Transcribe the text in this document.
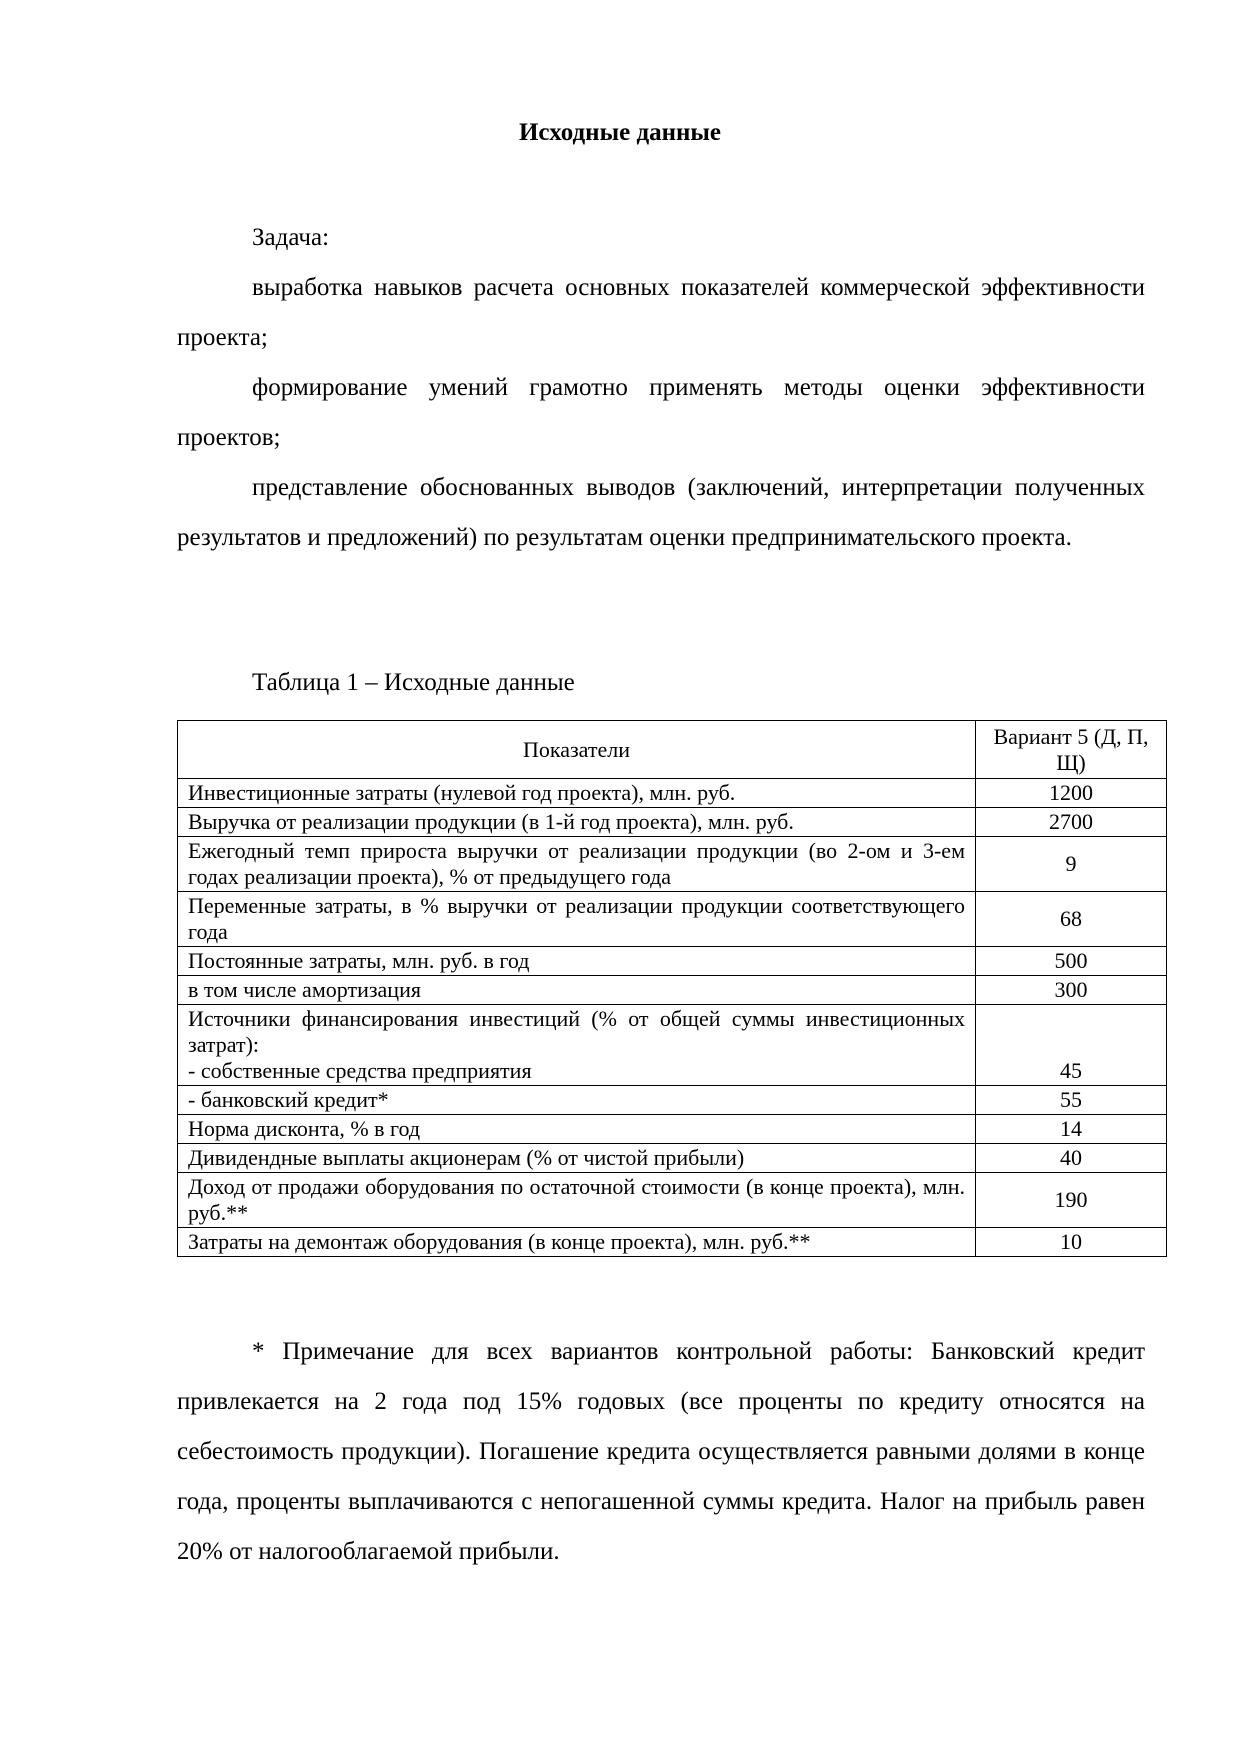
Исходные данные

Задача:

выработка навыков расчета основных показателей коммерческой эффективности проекта;

формирование умений грамотно применять методы оценки эффективности проектов;

представление обоснованных выводов (заключений, интерпретации полученных результатов и предложений) по результатам оценки предпринимательского проекта.

Таблица 1 – Исходные данные
Показатели	Вариант 5 (Д, П, Щ)
Инвестиционные затраты (нулевой год проекта), млн. руб.	1200
Выручка от реализации продукции (в 1-й год проекта), млн. руб.	2700
Ежегодный темп прироста выручки от реализации продукции (во 2-ом и 3-ем годах реализации проекта), % от предыдущего года	9
Переменные затраты, в % выручки от реализации продукции соответствующего года	68
Постоянные затраты, млн. руб. в год	500
в том числе амортизация	300

Источники финансирования инвестиций (% от общей суммы инвестиционных затрат):
- собственные средства предприятия	45
- банковский кредит*	55
Норма дисконта, % в год	14
Дивидендные выплаты акционерам (% от чистой прибыли)	40
Доход от продажи оборудования по остаточной стоимости (в конце проекта), млн. руб.**	190
Затраты на демонтаж оборудования (в конце проекта), млн. руб.**	10

* Примечание для всех вариантов контрольной работы: Банковский кредит привлекается на 2 года под 15% годовых (все проценты по кредиту относятся на себестоимость продукции). Погашение кредита осуществляется равными долями в конце года, проценты выплачиваются с непогашенной суммы кредита. Налог на прибыль равен 20% от налогооблагаемой прибыли.
